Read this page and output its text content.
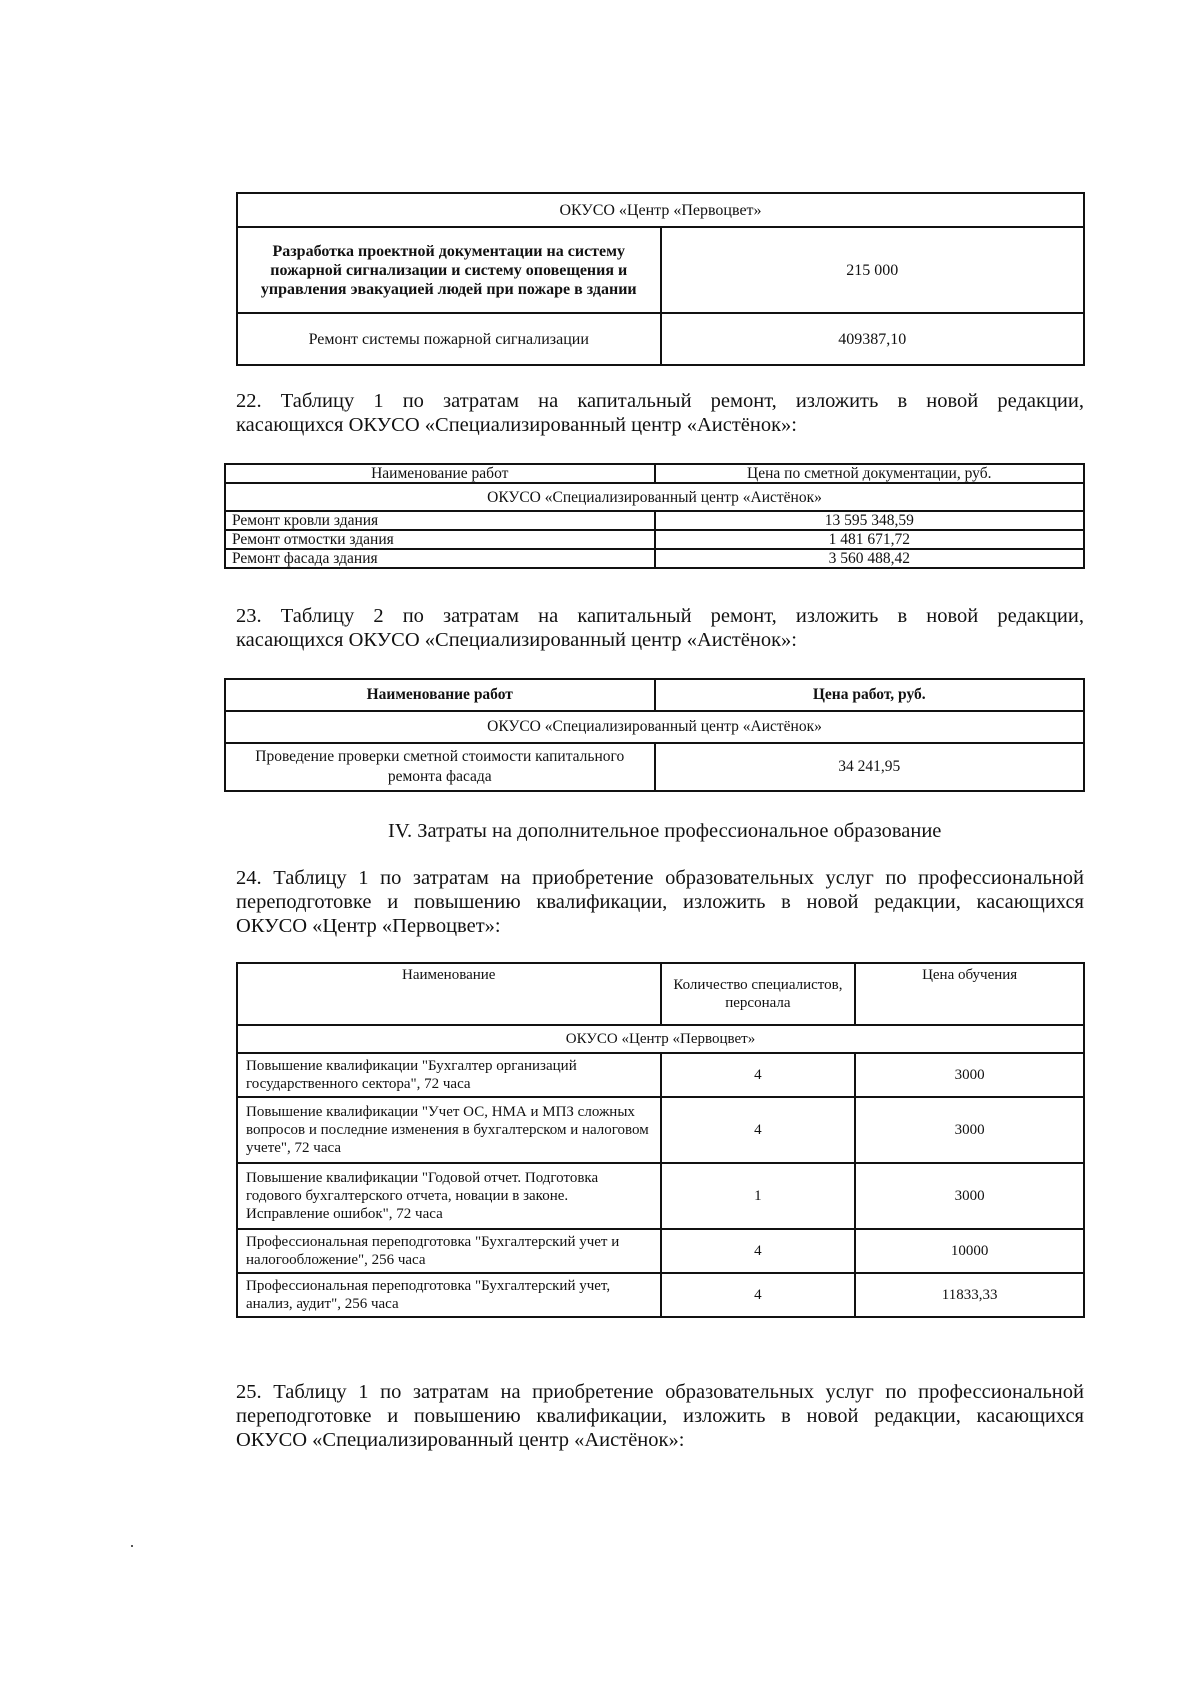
ОКУСО «Центр «Первоцвет»	
Разработка проектной документации на систему пожарной сигнализации и систему оповещения и управления эвакуацией людей при пожаре в здании	215 000
Ремонт системы пожарной сигнализации	409387,10
22. Таблицу 1 по затратам на капитальный ремонт, изложить в новой редакции,

касающихся ОКУСО «Специализированный центр «Аистёнок»:
Наименование работ	Цена по сметной документации, руб.
ОКУСО «Специализированный центр «Аистёнок»	
Ремонт кровли здания	13 595 348,59
Ремонт отмостки здания	1 481 671,72
Ремонт фасада здания	3 560 488,42
23. Таблицу 2 по затратам на капитальный ремонт, изложить в новой редакции,

касающихся ОКУСО «Специализированный центр «Аистёнок»:
Наименование работ	Цена работ, руб.
ОКУСО «Специализированный центр «Аистёнок»	
Проведение проверки сметной стоимости капитального ремонта фасада	34 241,95
IV. Затраты на дополнительное профессиональное образование
24. Таблицу 1 по затратам на приобретение образовательных услуг по профессиональной
переподготовке и повышению квалификации, изложить в новой редакции, касающихся

ОКУСО «Центр «Первоцвет»:
Наименование	Количество специалистов, персонала	Цена обучения
ОКУСО «Центр «Первоцвет»		
Повышение квалификации "Бухгалтер организаций государственного сектора", 72 часа	4	3000
Повышение квалификации "Учет ОС, НМА и МПЗ сложных вопросов и последние изменения в бухгалтерском и налоговом учете", 72 часа	4	3000
Повышение квалификации "Годовой отчет. Подготовка годового бухгалтерского отчета, новации в законе. Исправление ошибок", 72 часа	1	3000
Профессиональная переподготовка "Бухгалтерский учет и налогообложение", 256 часа	4	10000
Профессиональная переподготовка "Бухгалтерский учет, анализ, аудит", 256 часа	4	11833,33
25. Таблицу 1 по затратам на приобретение образовательных услуг по профессиональной
переподготовке и повышению квалификации, изложить в новой редакции, касающихся

ОКУСО «Специализированный центр «Аистёнок»:
